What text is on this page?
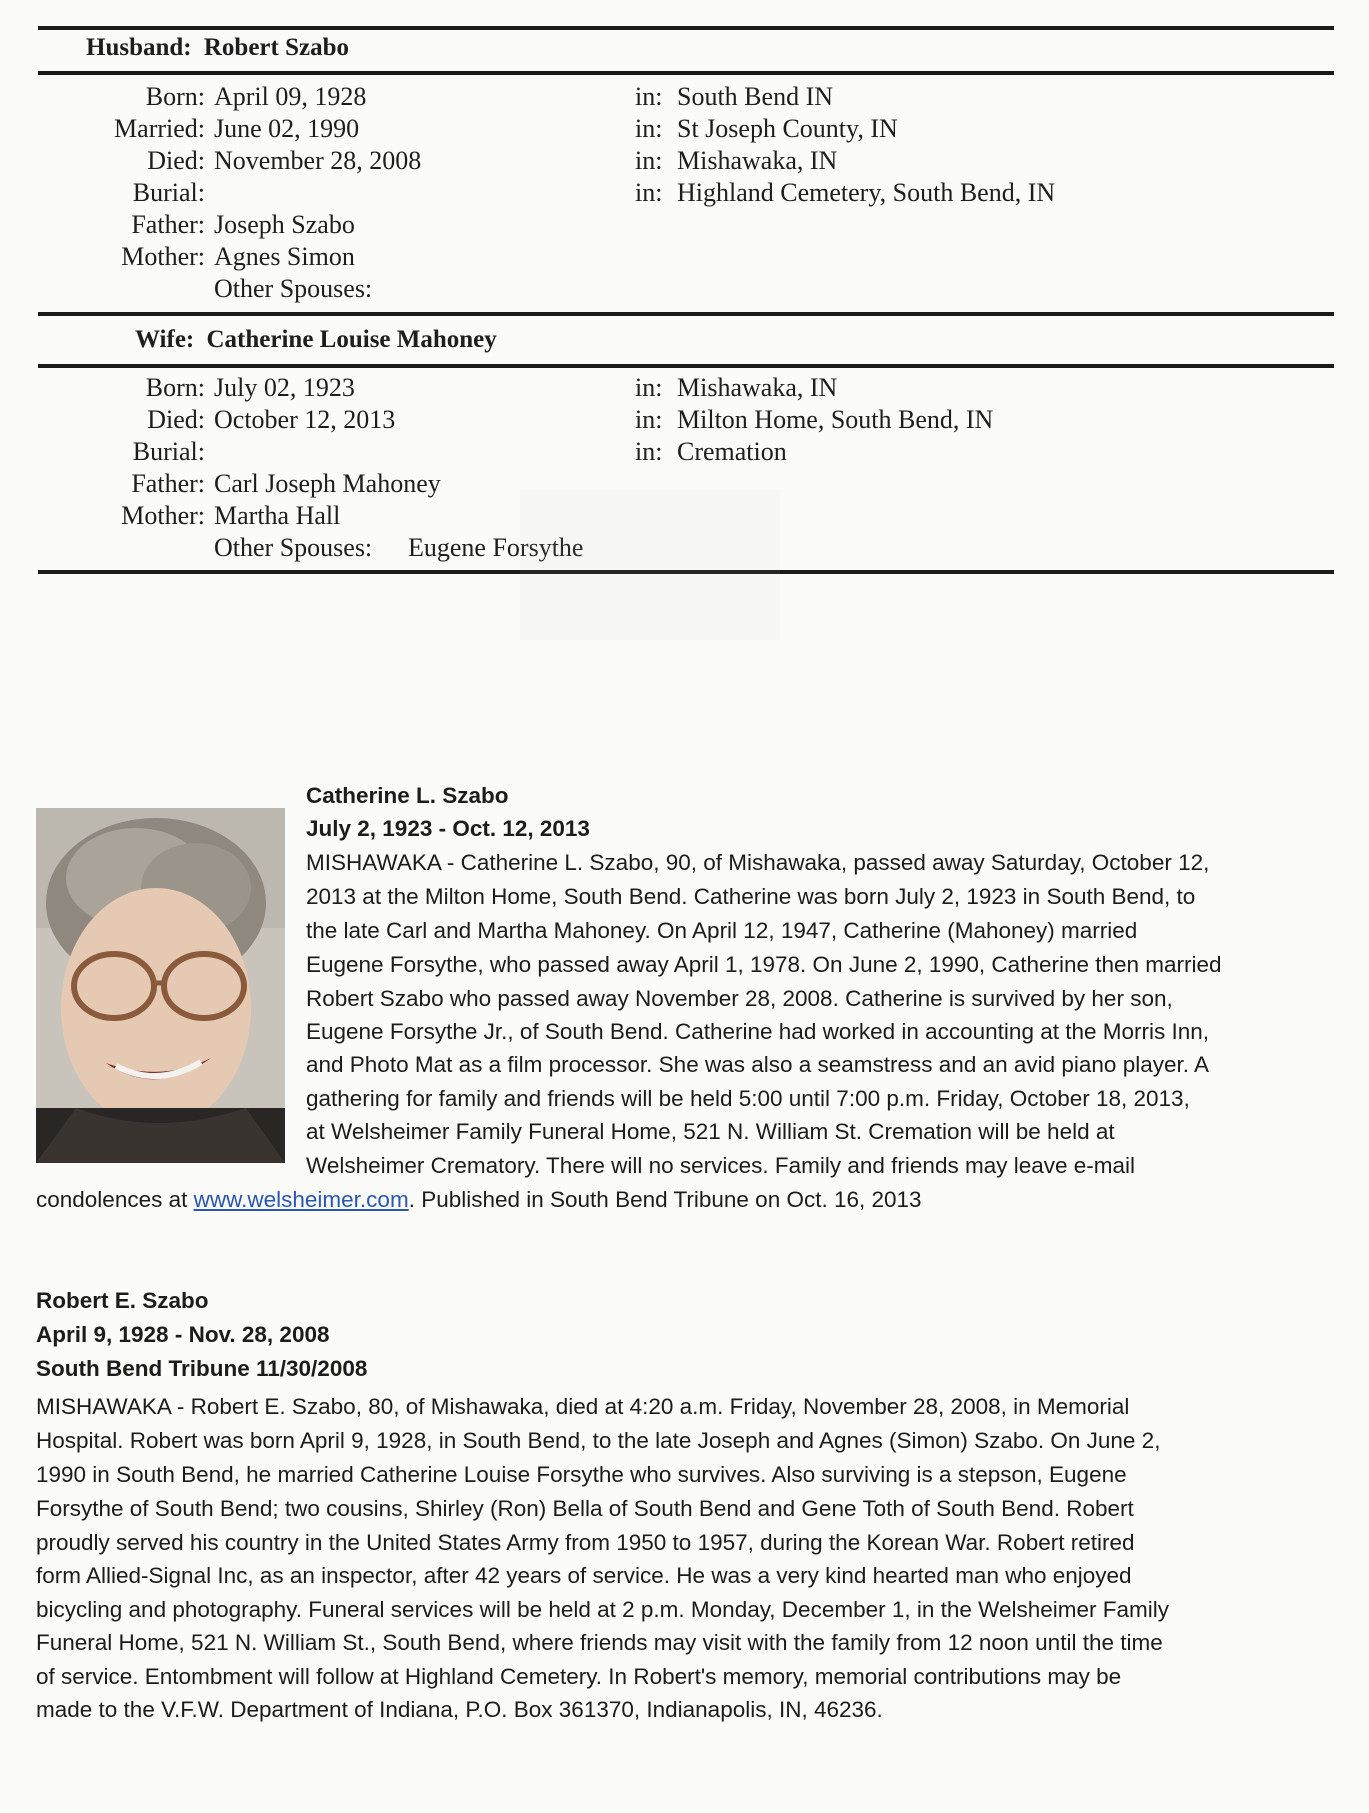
Husband: Robert Szabo
Born: April 09, 1928	in: South Bend IN
Married: June 02, 1990	in: St Joseph County, IN
Died: November 28, 2008	in: Mishawaka, IN
Burial:	in: Highland Cemetery, South Bend, IN
Father: Joseph Szabo
Mother: Agnes Simon
Other Spouses:
Wife: Catherine Louise Mahoney
Born: July 02, 1923	in: Mishawaka, IN
Died: October 12, 2013	in: Milton Home, South Bend, IN
Burial:	in: Cremation
Father: Carl Joseph Mahoney
Mother: Martha Hall
Other Spouses: Eugene Forsythe
Catherine L. Szabo
July 2, 1923 - Oct. 12, 2013
MISHAWAKA - Catherine L. Szabo, 90, of Mishawaka, passed away Saturday, October 12,
2013 at the Milton Home, South Bend. Catherine was born July 2, 1923 in South Bend, to
the late Carl and Martha Mahoney. On April 12, 1947, Catherine (Mahoney) married
Eugene Forsythe, who passed away April 1, 1978. On June 2, 1990, Catherine then married
Robert Szabo who passed away November 28, 2008. Catherine is survived by her son,
Eugene Forsythe Jr., of South Bend. Catherine had worked in accounting at the Morris Inn,
and Photo Mat as a film processor. She was also a seamstress and an avid piano player. A
gathering for family and friends will be held 5:00 until 7:00 p.m. Friday, October 18, 2013,
at Welsheimer Family Funeral Home, 521 N. William St. Cremation will be held at
Welsheimer Crematory. There will no services. Family and friends may leave e-mail
condolences at www.welsheimer.com. Published in South Bend Tribune on Oct. 16, 2013
Robert E. Szabo
April 9, 1928 - Nov. 28, 2008
South Bend Tribune 11/30/2008
MISHAWAKA - Robert E. Szabo, 80, of Mishawaka, died at 4:20 a.m. Friday, November 28, 2008, in Memorial
Hospital. Robert was born April 9, 1928, in South Bend, to the late Joseph and Agnes (Simon) Szabo. On June 2,
1990 in South Bend, he married Catherine Louise Forsythe who survives. Also surviving is a stepson, Eugene
Forsythe of South Bend; two cousins, Shirley (Ron) Bella of South Bend and Gene Toth of South Bend. Robert
proudly served his country in the United States Army from 1950 to 1957, during the Korean War. Robert retired
form Allied-Signal Inc, as an inspector, after 42 years of service. He was a very kind hearted man who enjoyed
bicycling and photography. Funeral services will be held at 2 p.m. Monday, December 1, in the Welsheimer Family
Funeral Home, 521 N. William St., South Bend, where friends may visit with the family from 12 noon until the time
of service. Entombment will follow at Highland Cemetery. In Robert's memory, memorial contributions may be
made to the V.F.W. Department of Indiana, P.O. Box 361370, Indianapolis, IN, 46236.
